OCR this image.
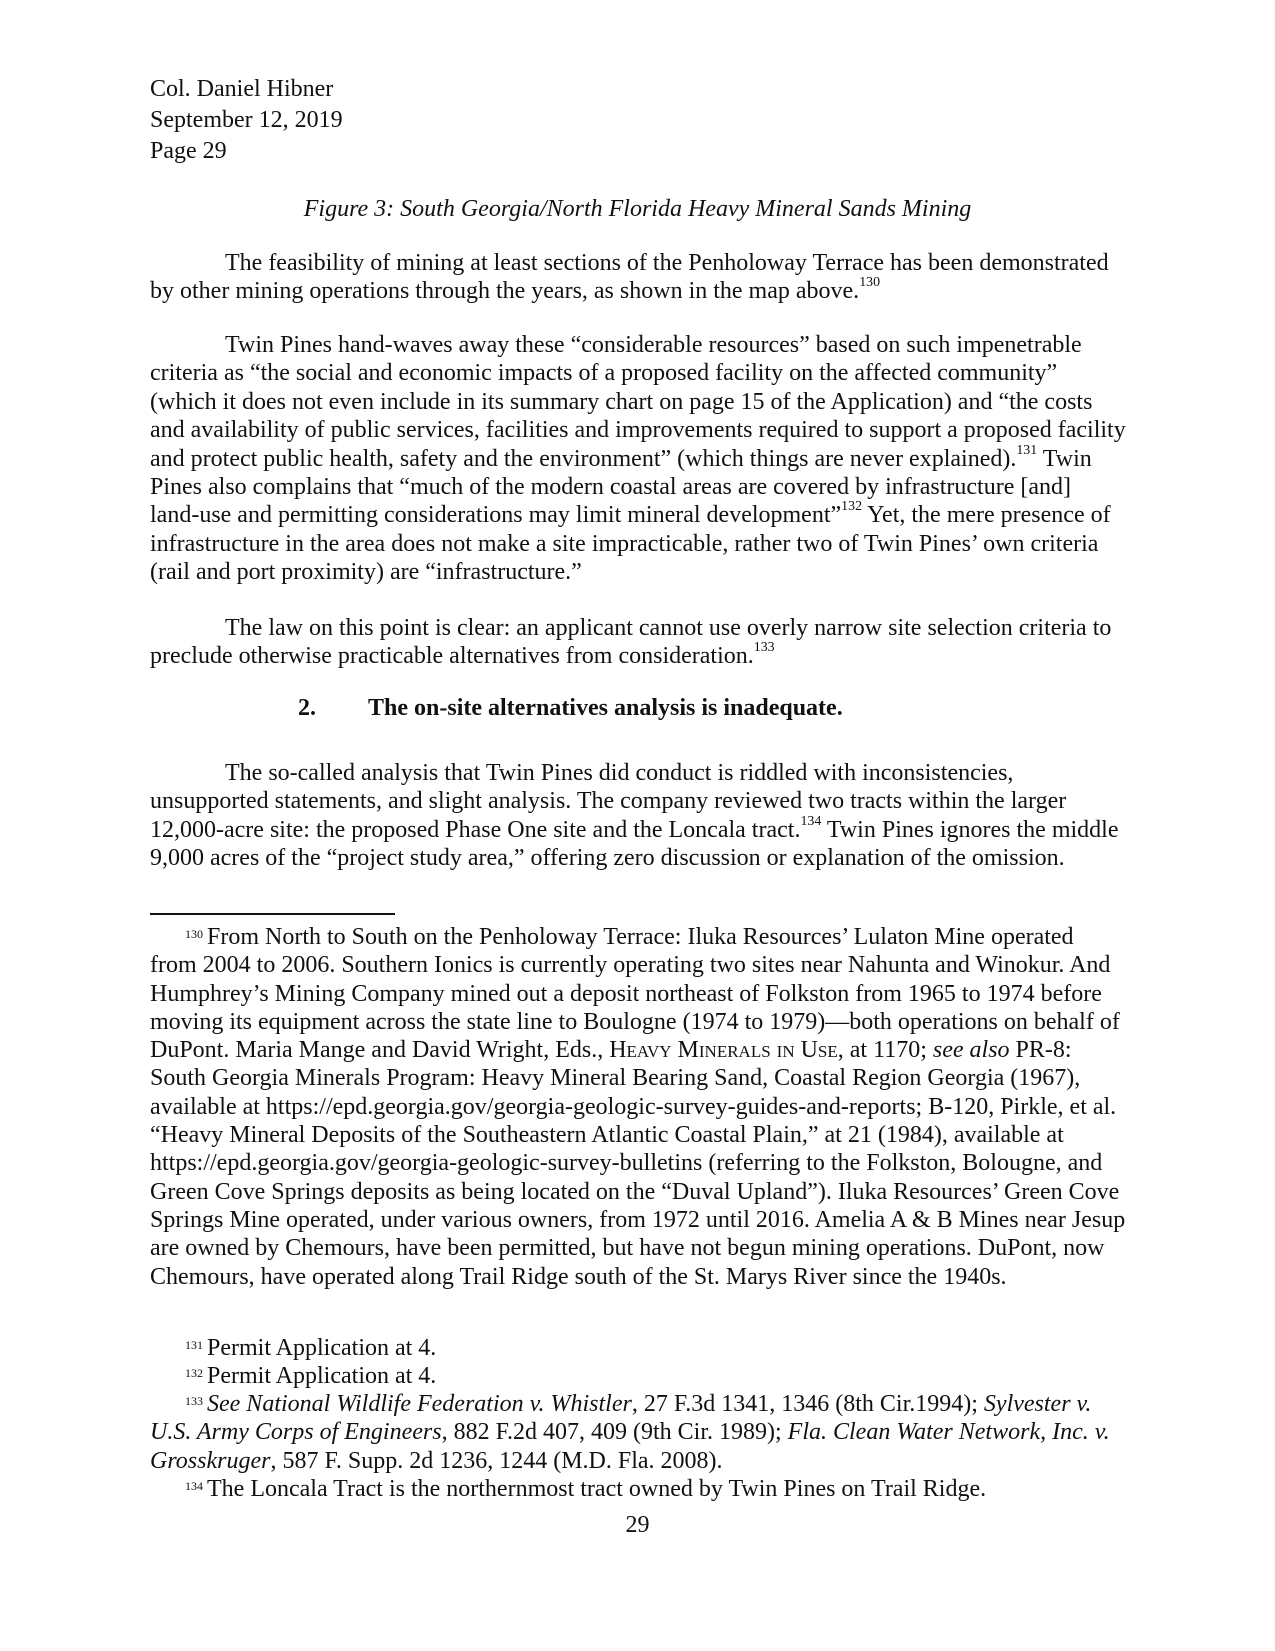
Col. Daniel Hibner
September 12, 2019
Page 29
Figure 3: South Georgia/North Florida Heavy Mineral Sands Mining

The feasibility of mining at least sections of the Penholoway Terrace has been demonstrated by other mining operations through the years, as shown in the map above.$^{130}$

Twin Pines hand-waves away these “considerable resources” based on such impenetrable criteria as “the social and economic impacts of a proposed facility on the affected community” (which it does not even include in its summary chart on page 15 of the Application) and “the costs and availability of public services, facilities and improvements required to support a proposed facility and protect public health, safety and the environment” (which things are never explained).$^{131}$ Twin Pines also complains that “much of the modern coastal areas are covered by infrastructure [and] land-use and permitting considerations may limit mineral development”$^{132}$ Yet, the mere presence of infrastructure in the area does not make a site impracticable, rather two of Twin Pines’ own criteria (rail and port proximity) are “infrastructure.”

The law on this point is clear: an applicant cannot use overly narrow site selection criteria to preclude otherwise practicable alternatives from consideration.$^{133}$

2. The on-site alternatives analysis is inadequate.

The so-called analysis that Twin Pines did conduct is riddled with inconsistencies, unsupported statements, and slight analysis. The company reviewed two tracts within the larger 12,000-acre site: the proposed Phase One site and the Loncala tract.$^{134}$ Twin Pines ignores the middle 9,000 acres of the “project study area,” offering zero discussion or explanation of the omission.

$^{130}$ From North to South on the Penholoway Terrace: Iluka Resources’ Lulaton Mine operated from 2004 to 2006. Southern Ionics is currently operating two sites near Nahunta and Winokur. And Humphrey’s Mining Company mined out a deposit northeast of Folkston from 1965 to 1974 before moving its equipment across the state line to Boulogne (1974 to 1979)—both operations on behalf of DuPont. Maria Mange and David Wright, Eds., Heavy Minerals in Use, at 1170; see also PR-8: South Georgia Minerals Program: Heavy Mineral Bearing Sand, Coastal Region Georgia (1967), available at https://epd.georgia.gov/georgia-geologic-survey-guides-and-reports; B-120, Pirkle, et al. “Heavy Mineral Deposits of the Southeastern Atlantic Coastal Plain,” at 21 (1984), available at https://epd.georgia.gov/georgia-geologic-survey-bulletins (referring to the Folkston, Bolougne, and Green Cove Springs deposits as being located on the “Duval Upland”). Iluka Resources’ Green Cove Springs Mine operated, under various owners, from 1972 until 2016. Amelia A & B Mines near Jesup are owned by Chemours, have been permitted, but have not begun mining operations. DuPont, now Chemours, have operated along Trail Ridge south of the St. Marys River since the 1940s.

$^{131}$ Permit Application at 4.

$^{132}$ Permit Application at 4.

$^{133}$ See National Wildlife Federation v. Whistler, 27 F.3d 1341, 1346 (8th Cir.1994); Sylvester v. U.S. Army Corps of Engineers, 882 F.2d 407, 409 (9th Cir. 1989); Fla. Clean Water Network, Inc. v. Grosskruger, 587 F. Supp. 2d 1236, 1244 (M.D. Fla. 2008).

$^{134}$ The Loncala Tract is the northernmost tract owned by Twin Pines on Trail Ridge.

29
